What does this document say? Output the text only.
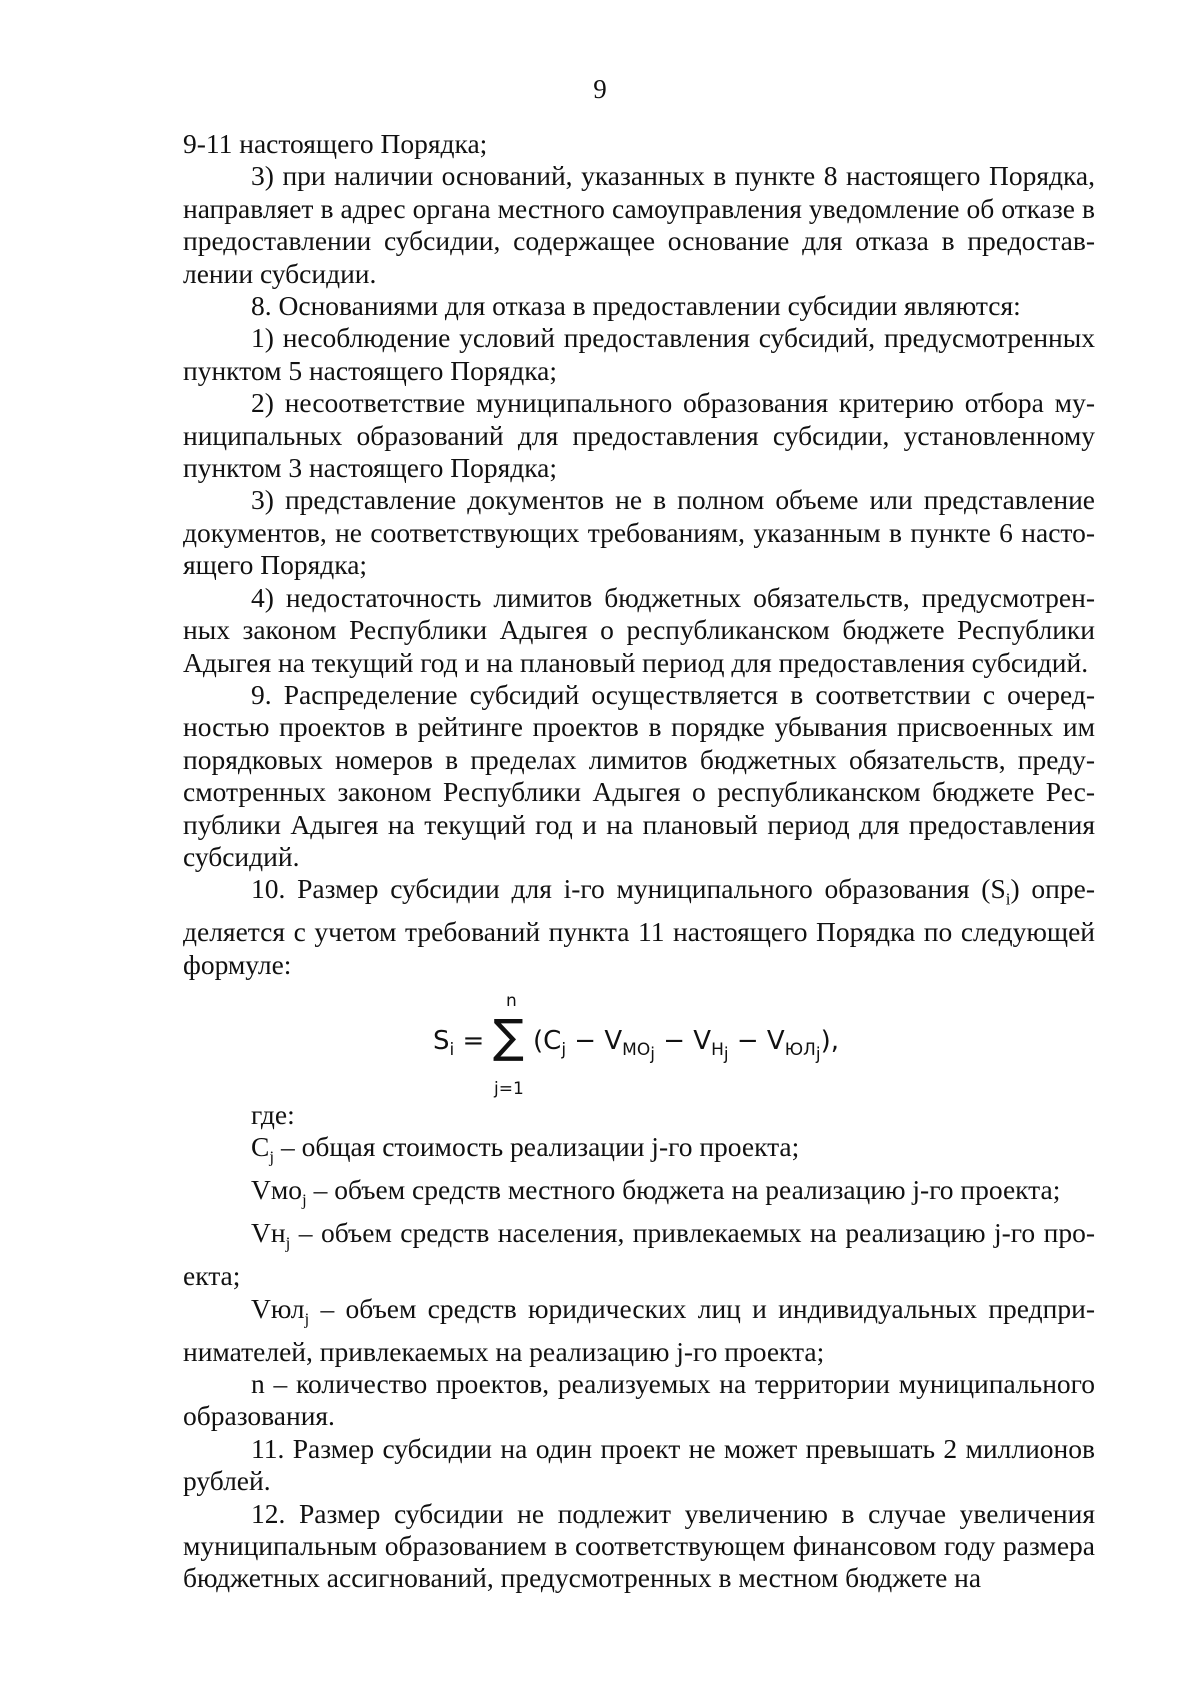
9

9-11 настоящего Порядка;

3) при наличии оснований, указанных в пункте 8 настоящего Порядка, направляет в адрес органа местного самоуправления уведомление об отказе в предоставлении субсидии, содержащее основание для отказа в предоставлении субсидии.

8. Основаниями для отказа в предоставлении субсидии являются:

1) несоблюдение условий предоставления субсидий, предусмотренных пунктом 5 настоящего Порядка;

2) несоответствие муниципального образования критерию отбора муниципальных образований для предоставления субсидии, установленному пунктом 3 настоящего Порядка;

3) представление документов не в полном объеме или представление документов, не соответствующих требованиям, указанным в пункте 6 настоящего Порядка;

4) недостаточность лимитов бюджетных обязательств, предусмотренных законом Республики Адыгея о республиканском бюджете Республики Адыгея на текущий год и на плановый период для предоставления субсидий.

9. Распределение субсидий осуществляется в соответствии с очередностью проектов в рейтинге проектов в порядке убывания присвоенных им порядковых номеров в пределах лимитов бюджетных обязательств, предусмотренных законом Республики Адыгея о республиканском бюджете Республики Адыгея на текущий год и на плановый период для предоставления субсидий.

10. Размер субсидии для i-го муниципального образования $(S_i)$ определяется с учетом требований пункта 11 настоящего Порядка по следующей формуле:

$S_i$ =
n
∑
j=1
$(C_j - V_{МО_j} - V_{Н_j} - V_{ЮЛ_j})$,

где:

$C_j$ – общая стоимость реализации j-го проекта;

Vмо$_j$ – объем средств местного бюджета на реализацию j-го проекта;

$Vн_j$ – объем средств населения, привлекаемых на реализацию j-го проекта;

Vюл$_j$ – объем средств юридических лиц и индивидуальных предпринимателей, привлекаемых на реализацию j-го проекта;

n – количество проектов, реализуемых на территории муниципального образования.

11. Размер субсидии на один проект не может превышать 2 миллионов рублей.

12. Размер субсидии не подлежит увеличению в случае увеличения муниципальным образованием в соответствующем финансовом году размера бюджетных ассигнований, предусмотренных в местном бюджете на
